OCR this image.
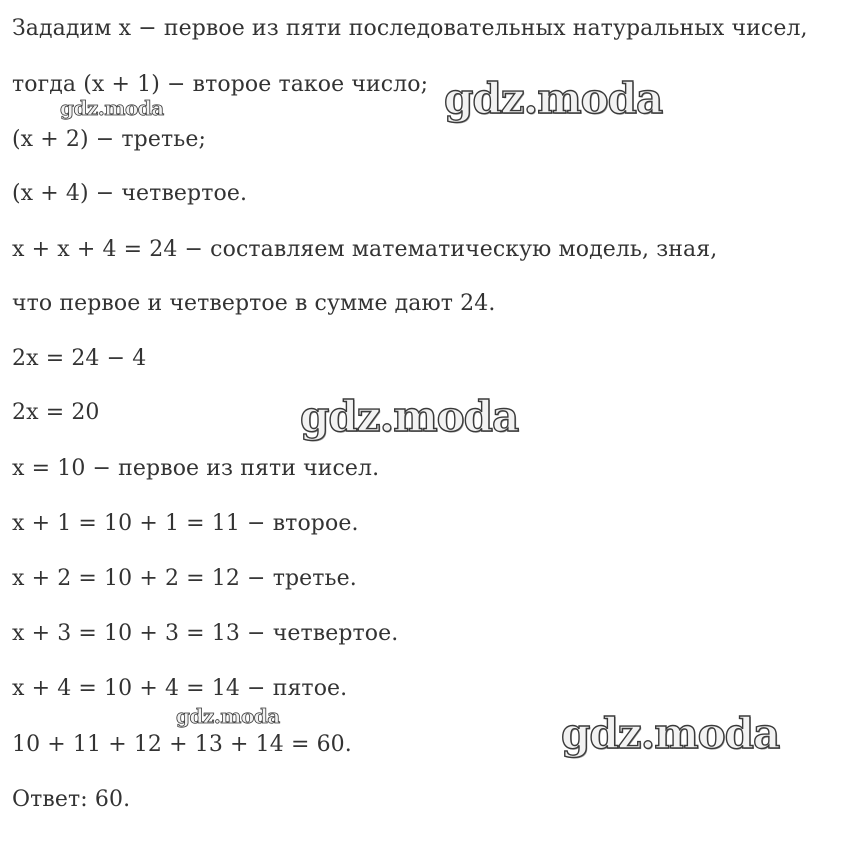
Зададим x − первое из пяти последовательных натуральных чисел,
тогда (x + 1) − второе такое число;
(x + 2) − третье;
(x + 4) − четвертое.
x + x + 4 = 24 − составляем математическую модель, зная,
что первое и четвертое в сумме дают 24.
2x = 24 − 4
2x = 20
x = 10 − первое из пяти чисел.
x + 1 = 10 + 1 = 11 − второе.
x + 2 = 10 + 2 = 12 − третье.
x + 3 = 10 + 3 = 13 − четвертое.
x + 4 = 10 + 4 = 14 − пятое.
10 + 11 + 12 + 13 + 14 = 60.
Ответ: 60.
gdz.moda
gdz.moda
gdz.moda
gdz.moda	gdz.moda
